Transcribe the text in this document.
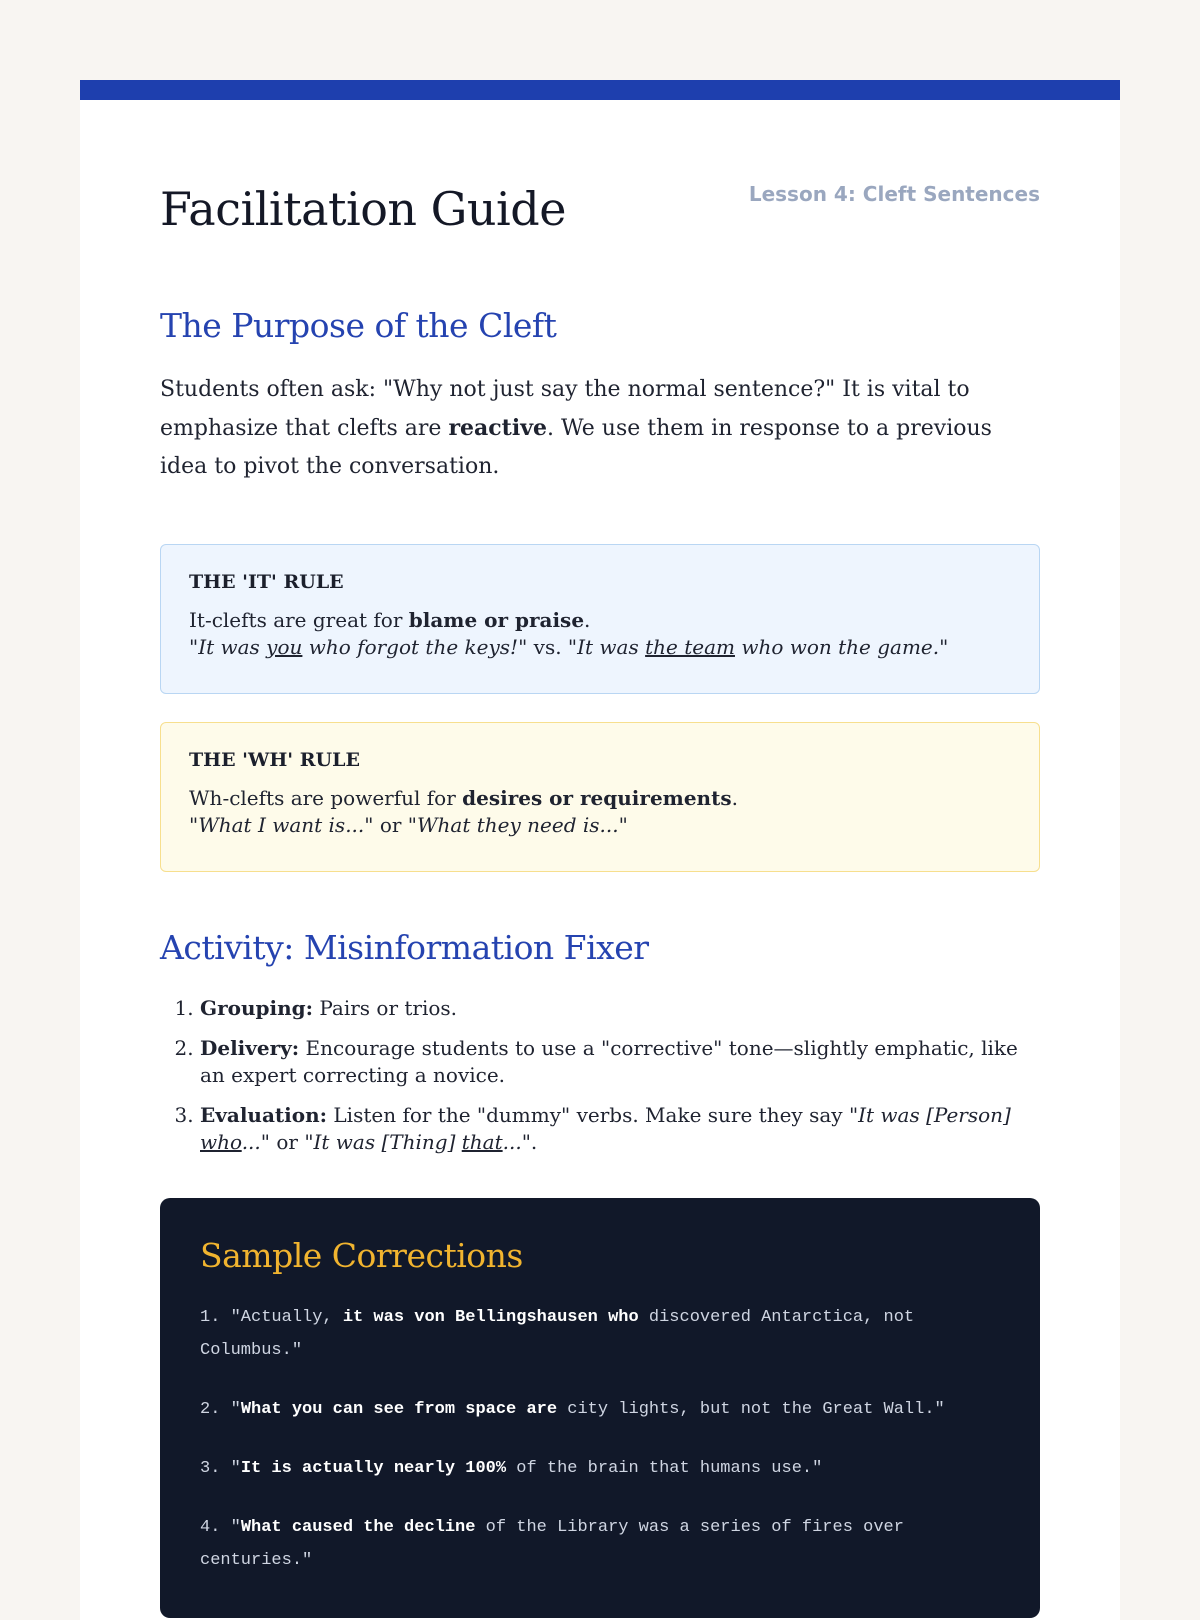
Facilitation Guide	Lesson 4: Cleft Sentences
The Purpose of the Cleft

Students often ask: "Why not just say the normal sentence?" It is vital to emphasize that clefts are reactive. We use them in response to a previous idea to pivot the conversation.

THE 'IT' RULE
It-clefts are great for blame or praise.
"It was you who forgot the keys!" vs. "It was the team who won the game."
THE 'WH' RULE
Wh-clefts are powerful for desires or requirements.
"What I want is..." or "What they need is..."
Activity: Misinformation Fixer
1. Grouping: Pairs or trios.
2. Delivery: Encourage students to use a "corrective" tone—slightly emphatic, like an expert correcting a novice.
3. Evaluation: Listen for the "dummy" verbs. Make sure they say "It was [Person] who..." or "It was [Thing] that...".
Sample Corrections
1. "Actually, it was von Bellingshausen who discovered Antarctica, not Columbus."
2. "What you can see from space are city lights, but not the Great Wall."
3. "It is actually nearly 100% of the brain that humans use."
4. "What caused the decline of the Library was a series of fires over centuries."
